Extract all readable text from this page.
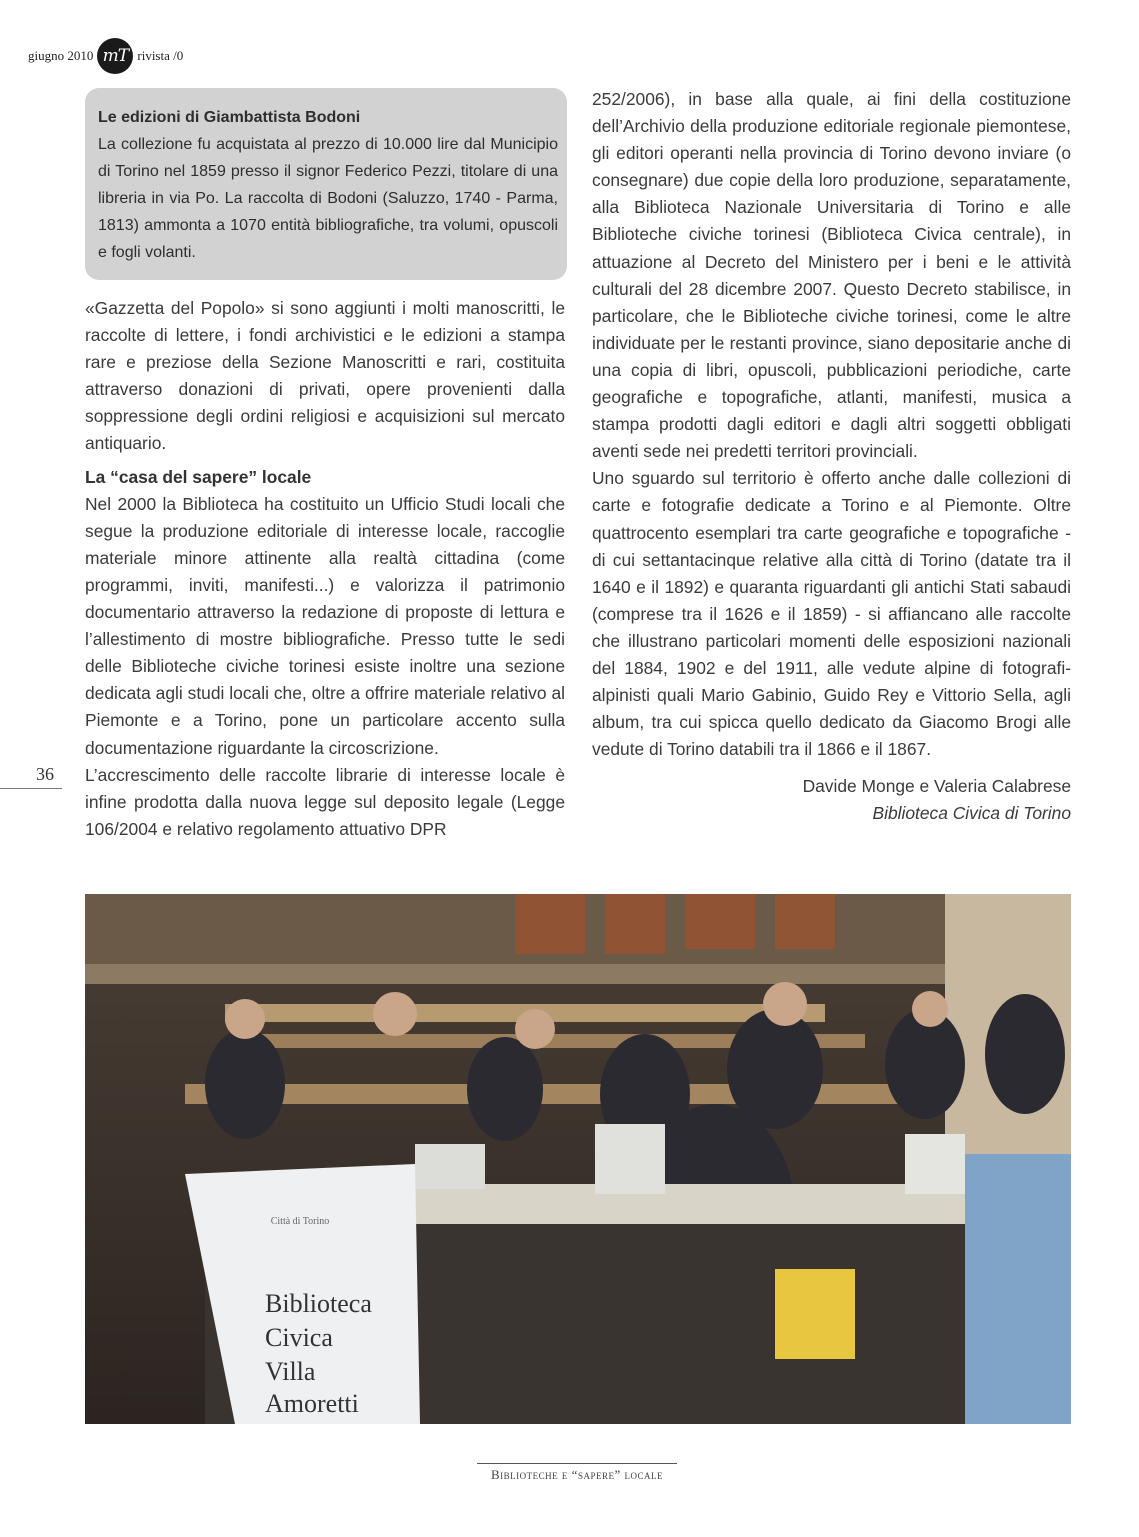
giugno 2010 mT rivista /0
Le edizioni di Giambattista Bodoni

La collezione fu acquistata al prezzo di 10.000 lire dal Municipio di Torino nel 1859 presso il signor Federico Pezzi, titolare di una libreria in via Po. La raccolta di Bodoni (Saluzzo, 1740 - Parma, 1813) ammonta a 1070 entità bibliografiche, tra volumi, opuscoli e fogli volanti.

«Gazzetta del Popolo» si sono aggiunti i molti manoscritti, le raccolte di lettere, i fondi archivistici e le edizioni a stampa rare e preziose della Sezione Manoscritti e rari, costituita attraverso donazioni di privati, opere provenienti dalla soppressione degli ordini religiosi e acquisizioni sul mercato antiquario.

La “casa del sapere” locale

Nel 2000 la Biblioteca ha costituito un Ufficio Studi locali che segue la produzione editoriale di interesse locale, raccoglie materiale minore attinente alla realtà cittadina (come programmi, inviti, manifesti...) e valorizza il patrimonio documentario attraverso la redazione di proposte di lettura e l’allestimento di mostre bibliografiche. Presso tutte le sedi delle Biblioteche civiche torinesi esiste inoltre una sezione dedicata agli studi locali che, oltre a offrire materiale relativo al Piemonte e a Torino, pone un particolare accento sulla documentazione riguardante la circoscrizione.

L’accrescimento delle raccolte librarie di interesse locale è infine prodotta dalla nuova legge sul deposito legale (Legge 106/2004 e relativo regolamento attuativo DPR

252/2006), in base alla quale, ai fini della costituzione dell’Archivio della produzione editoriale regionale piemontese, gli editori operanti nella provincia di Torino devono inviare (o consegnare) due copie della loro produzione, separatamente, alla Biblioteca Nazionale Universitaria di Torino e alle Biblioteche civiche torinesi (Biblioteca Civica centrale), in attuazione al Decreto del Ministero per i beni e le attività culturali del 28 dicembre 2007. Questo Decreto stabilisce, in particolare, che le Biblioteche civiche torinesi, come le altre individuate per le restanti province, siano depositarie anche di una copia di libri, opuscoli, pubblicazioni periodiche, carte geografiche e topografiche, atlanti, manifesti, musica a stampa prodotti dagli editori e dagli altri soggetti obbligati aventi sede nei predetti territori provinciali.

Uno sguardo sul territorio è offerto anche dalle collezioni di carte e fotografie dedicate a Torino e al Piemonte. Oltre quattrocento esemplari tra carte geografiche e topografiche - di cui settantacinque relative alla città di Torino (datate tra il 1640 e il 1892) e quaranta riguardanti gli antichi Stati sabaudi (comprese tra il 1626 e il 1859) - si affiancano alle raccolte che illustrano particolari momenti delle esposizioni nazionali del 1884, 1902 e del 1911, alle vedute alpine di fotografi-alpinisti quali Mario Gabinio, Guido Rey e Vittorio Sella, agli album, tra cui spicca quello dedicato da Giacomo Brogi alle vedute di Torino databili tra il 1866 e il 1867.

Davide Monge e Valeria Calabrese
Biblioteca Civica di Torino
36
Città di Torino
Biblioteca
Civica
Villa
Amoretti
Biblioteche e “sapere” locale
